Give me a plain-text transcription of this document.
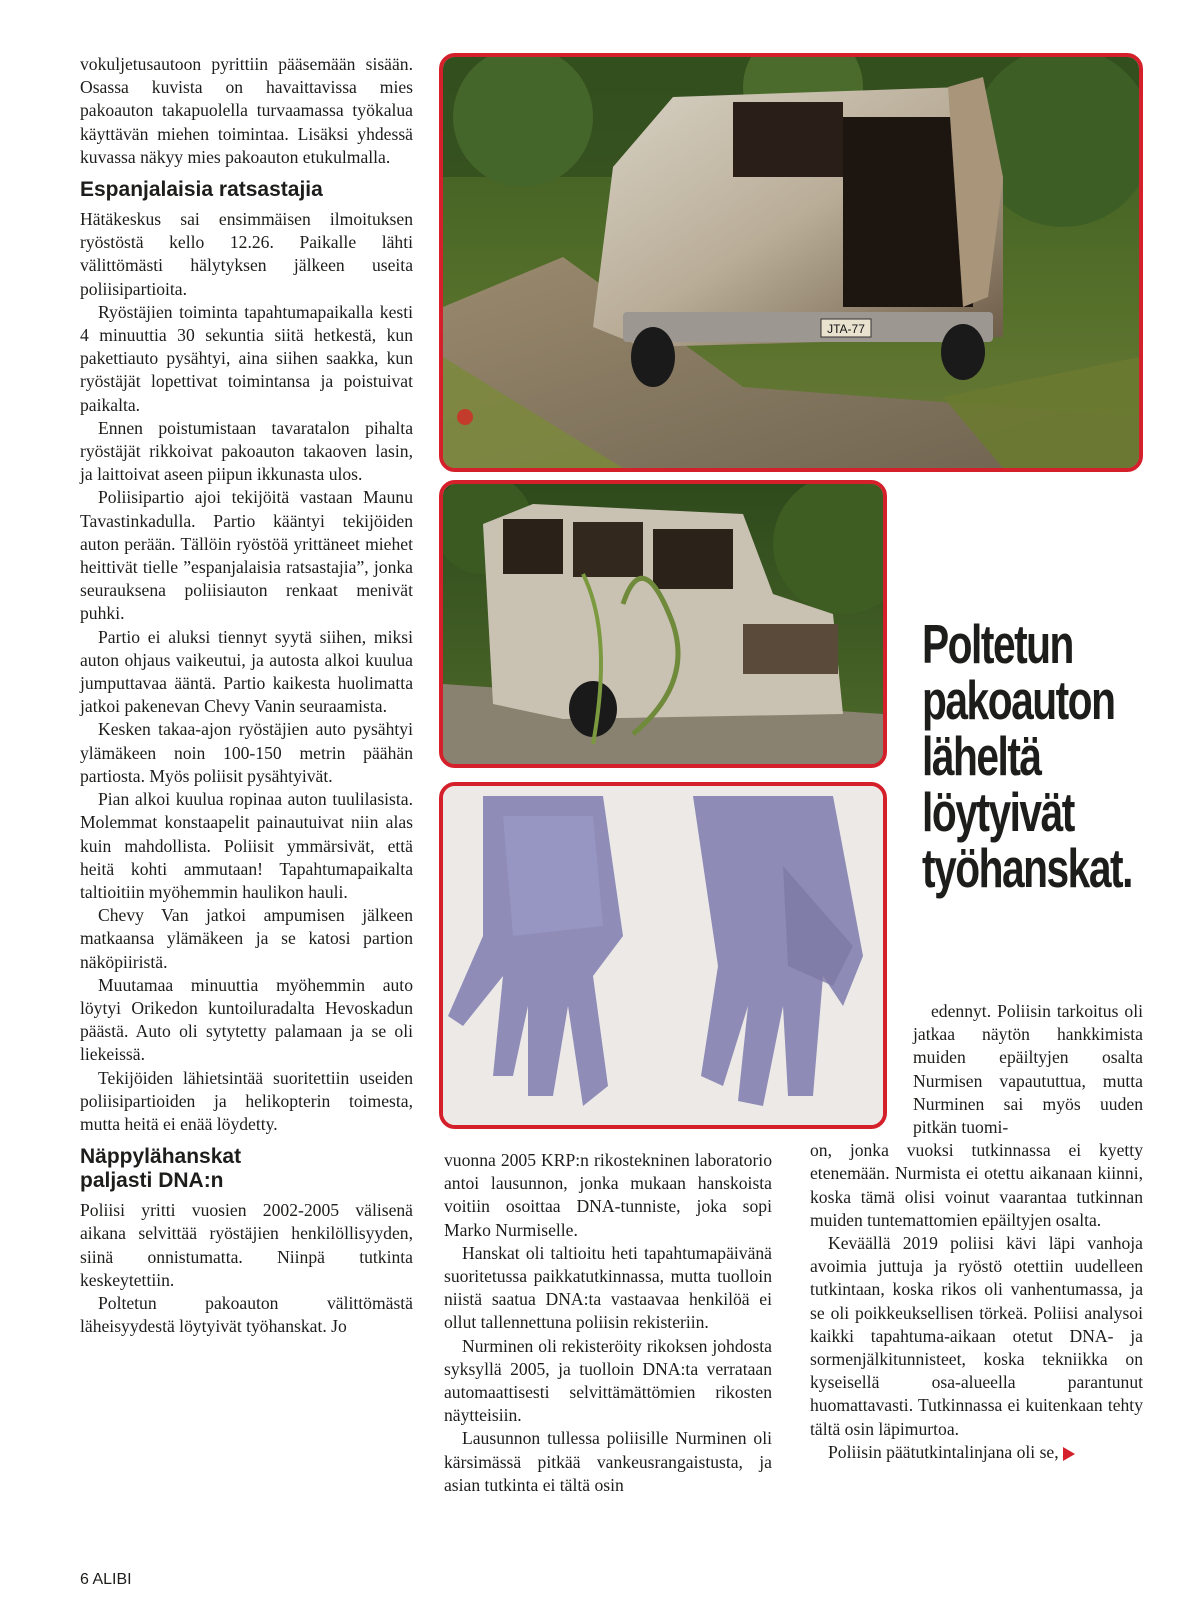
vokuljetusautoon pyrittiin pääsemään sisään. Osassa kuvista on havaittavissa mies pakoauton takapuolella turvaamassa työkalua käyttävän miehen toimintaa. Lisäksi yhdessä kuvassa näkyy mies pakoauton etukulmalla.

Espanjalaisia ratsastajia

Hätäkeskus sai ensimmäisen ilmoituksen ryöstöstä kello 12.26. Paikalle lähti välittömästi hälytyksen jälkeen useita poliisipartioita.

Ryöstäjien toiminta tapahtumapaikalla kesti 4 minuuttia 30 sekuntia siitä hetkestä, kun pakettiauto pysähtyi, aina siihen saakka, kun ryöstäjät lopettivat toimintansa ja poistuivat paikalta.

Ennen poistumistaan tavaratalon pihalta ryöstäjät rikkoivat pakoauton takaoven lasin, ja laittoivat aseen piipun ikkunasta ulos.

Poliisipartio ajoi tekijöitä vastaan Maunu Tavastinkadulla. Partio kääntyi tekijöiden auton perään. Tällöin ryöstöä yrittäneet miehet heittivät tielle ”espanjalaisia ratsastajia”, jonka seurauksena poliisiauton renkaat menivät puhki.

Partio ei aluksi tiennyt syytä siihen, miksi auton ohjaus vaikeutui, ja autosta alkoi kuulua jumputtavaa ääntä. Partio kaikesta huolimatta jatkoi pakenevan Chevy Vanin seuraamista.

Kesken takaa-ajon ryöstäjien auto pysähtyi ylämäkeen noin 100-150 metrin päähän partiosta. Myös poliisit pysähtyivät.

Pian alkoi kuulua ropinaa auton tuulilasista. Molemmat konstaapelit painautuivat niin alas kuin mahdollista. Poliisit ymmärsivät, että heitä kohti ammutaan! Tapahtumapaikalta taltioitiin myöhemmin haulikon hauli.

Chevy Van jatkoi ampumisen jälkeen matkaansa ylämäkeen ja se katosi partion näköpiiristä.

Muutamaa minuuttia myöhemmin auto löytyi Orikedon kuntoiluradalta Hevoskadun päästä. Auto oli sytytetty palamaan ja se oli liekeissä.

Tekijöiden lähietsintää suoritettiin useiden poliisipartioiden ja helikopterin toimesta, mutta heitä ei enää löydetty.

Näppylähanskat
paljasti DNA:n

Poliisi yritti vuosien 2002-2005 välisenä aikana selvittää ryöstäjien henkilöllisyyden, siinä onnistumatta. Niinpä tutkinta keskeytettiin.

Poltetun pakoauton välittömästä läheisyydestä löytyivät työhanskat. Jo

JTA-77
Poltetun
pakoauton
läheltä
löytyivät
työhanskat.

vuonna 2005 KRP:n rikostekninen laboratorio antoi lausunnon, jonka mukaan hanskoista voitiin osoittaa DNA-tunniste, joka sopi Marko Nurmiselle.

Hanskat oli taltioitu heti tapahtumapäivänä suoritetussa paikkatutkinnassa, mutta tuolloin niistä saatua DNA:ta vastaavaa henkilöä ei ollut tallennettuna poliisin rekisteriin.

Nurminen oli rekisteröity rikoksen johdosta syksyllä 2005, ja tuolloin DNA:ta verrataan automaattisesti selvittämättömien rikosten näytteisiin.

Lausunnon tullessa poliisille Nurminen oli kärsimässä pitkää vankeusrangaistusta, ja asian tutkinta ei tältä osin

edennyt. Poliisin tarkoitus oli jatkaa näytön hankkimista muiden epäiltyjen osalta Nurmisen vapaututtua, mutta Nurminen sai myös uuden pitkän tuomi-

on, jonka vuoksi tutkinnassa ei kyetty etenemään. Nurmista ei otettu aikanaan kiinni, koska tämä olisi voinut vaarantaa tutkinnan muiden tuntemattomien epäiltyjen osalta.

Keväällä 2019 poliisi kävi läpi vanhoja avoimia juttuja ja ryöstö otettiin uudelleen tutkintaan, koska rikos oli vanhentumassa, ja se oli poikkeuksellisen törkeä. Poliisi analysoi kaikki tapahtuma-aikaan otetut DNA- ja sormenjälkitunnisteet, koska tekniikka on kyseisellä osa-alueella parantunut huomattavasti. Tutkinnassa ei kuitenkaan tehty tältä osin läpimurtoa.

Poliisin päätutkintalinjana oli se,

6 ALIBI
